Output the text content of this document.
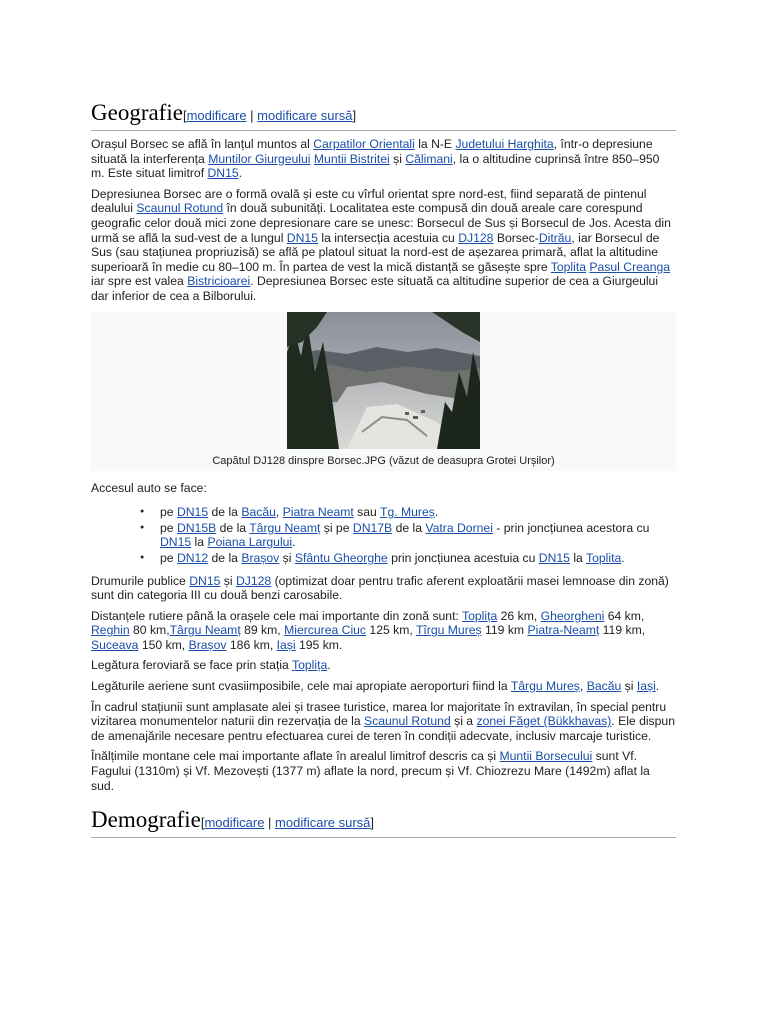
Geografie[modificare | modificare sursă]

Orașul Borsec se află în lanțul muntos al Carpatilor Orientali la N-E Judetului Harghita, într-o depresiune situată la interferența Muntilor Giurgeului Muntii Bistritei și Călimani, la o altitudine cuprinsă între 850–950 m. Este situat limitrof DN15.

Depresiunea Borsec are o formă ovală și este cu vîrful orientat spre nord-est, fiind separată de pintenul dealului Scaunul Rotund în două subunități. Localitatea este compusă din două areale care corespund geografic celor două mici zone depresionare care se unesc: Borsecul de Sus și Borsecul de Jos. Acesta din urmă se află la sud-vest de a lungul DN15 la intersecția acestuia cu DJ128 Borsec-Ditrău, iar Borsecul de Sus (sau stațiunea propriuzisă) se află pe platoul situat la nord-est de așezarea primară, aflat la altitudine superioară în medie cu 80–100 m. În partea de vest la mică distanță se găsește spre Toplita Pasul Creanga iar spre est valea Bistricioarei. Depresiunea Borsec este situată ca altitudine superior de cea a Giurgeului dar inferior de cea a Bilborului.

Capătul DJ128 dinspre Borsec.JPG (văzut de deasupra Grotei Urșilor)

Accesul auto se face:

● pe DN15 de la Bacău, Piatra Neamt sau Tg. Mureș.
● pe DN15B de la Târgu Neamț și pe DN17B de la Vatra Dornei - prin joncțiunea acestora cu DN15 la Poiana Largului.
● pe DN12 de la Brașov și Sfântu Gheorghe prin joncțiunea acestuia cu DN15 la Toplita.

Drumurile publice DN15 și DJ128 (optimizat doar pentru trafic aferent exploatării masei lemnoase din zonă) sunt din categoria III cu două benzi carosabile.

Distanțele rutiere până la orașele cele mai importante din zonă sunt: Toplița 26 km, Gheorgheni 64 km, Reghin 80 km,Târgu Neamț 89 km, Miercurea Ciuc 125 km, Tîrgu Mureș 119 km Piatra-Neamț 119 km, Suceava 150 km, Brașov 186 km, Iași 195 km.

Legătura feroviară se face prin stația Toplița.

Legăturile aeriene sunt cvasiimposibile, cele mai apropiate aeroporturi fiind la Târgu Mureș, Bacău și Iași.

În cadrul stațiunii sunt amplasate alei și trasee turistice, marea lor majoritate în extravilan, în special pentru vizitarea monumentelor naturii din rezervația de la Scaunul Rotund și a zonei Făget (Bükkhavas). Ele dispun de amenajările necesare pentru efectuarea curei de teren în condiții adecvate, inclusiv marcaje turistice.

Înălțimile montane cele mai importante aflate în arealul limitrof descris ca și Muntii Borsecului sunt Vf. Fagului (1310m) și Vf. Mezovești (1377 m) aflate la nord, precum și Vf. Chiozrezu Mare (1492m) aflat la sud.

Demografie[modificare | modificare sursă]
